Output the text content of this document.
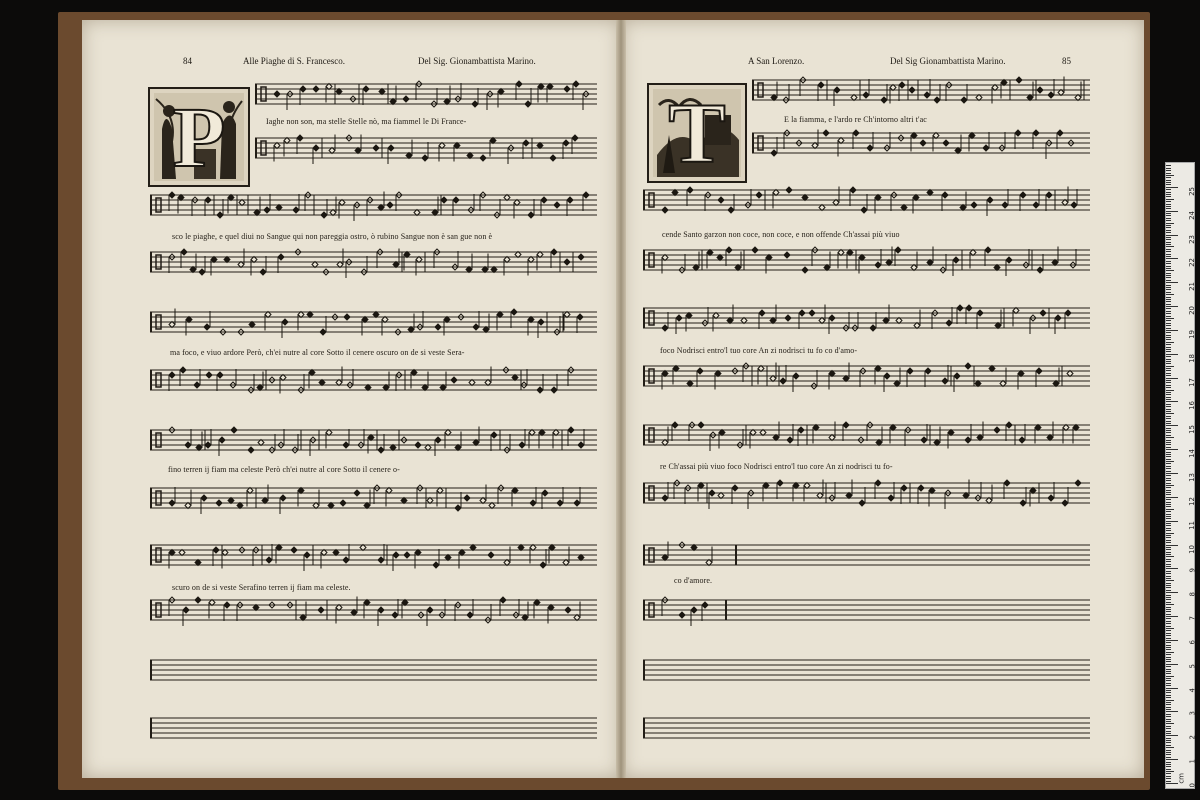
84	Alle Piaghe di S. Francesco.	Del Sig. Gionambattista Marino.	A San Lorenzo.	Del Sig Gionambattista Marino.	85
P	T
Iaghe non son, ma stelle Stelle nò, ma fiammel le Di France-
sco le piaghe, e quel diui no Sangue qui non pareggia ostro, ò rubino Sangue non è san gue non è
ma foco, e viuo ardore Però, ch'ei nutre al core Sotto il cenere oscuro on de si veste Sera-
fino terren ij fiam ma celeste Però ch'ei nutre al core Sotto il cenere o-
scuro on de si veste Serafino terren ij fiam ma celeste.
E la fiamma, e l'ardo re Ch'intorno altri t'ac
cende Santo garzon non coce, non coce, e non offende Ch'assai più viuo
foco Nodrisci entro'l tuo core An zi nodrisci tu fo co d'amo-
re Ch'assai più viuo foco Nodrisci entro'l tuo core An zi nodrisci tu fo-
co d'amore.
0
1
2
3
4
5
6
7
8
9
10
11
12
13
14
15
16
17
18
19
20
21
22
23
24
25
cm
